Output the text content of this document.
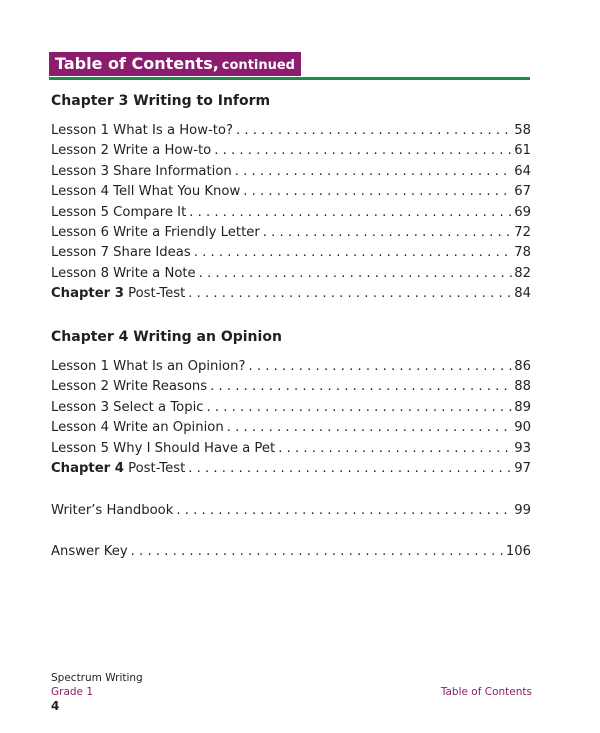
Table of Contents, continued
Chapter 3 Writing to Inform
Lesson 1 What Is a How-to? . . .	58
Lesson 2 Write a How-to . . .	61
Lesson 3 Share Information . . .	64
Lesson 4 Tell What You Know . . .	67
Lesson 5 Compare It . . .	69
Lesson 6 Write a Friendly Letter . . .	72
Lesson 7 Share Ideas . . .	78
Lesson 8 Write a Note . . .	82
Chapter 3 Post-Test . . .	84
Chapter 4 Writing an Opinion
Lesson 1 What Is an Opinion? . . .	86
Lesson 2 Write Reasons . . .	88
Lesson 3 Select a Topic . . .	89
Lesson 4 Write an Opinion . . .	90
Lesson 5 Why I Should Have a Pet . . .	93
Chapter 4 Post-Test . . .	97
Writer’s Handbook . . .	99
Answer Key . . .	106
Spectrum Writing
Grade 1	Table of Contents
4
